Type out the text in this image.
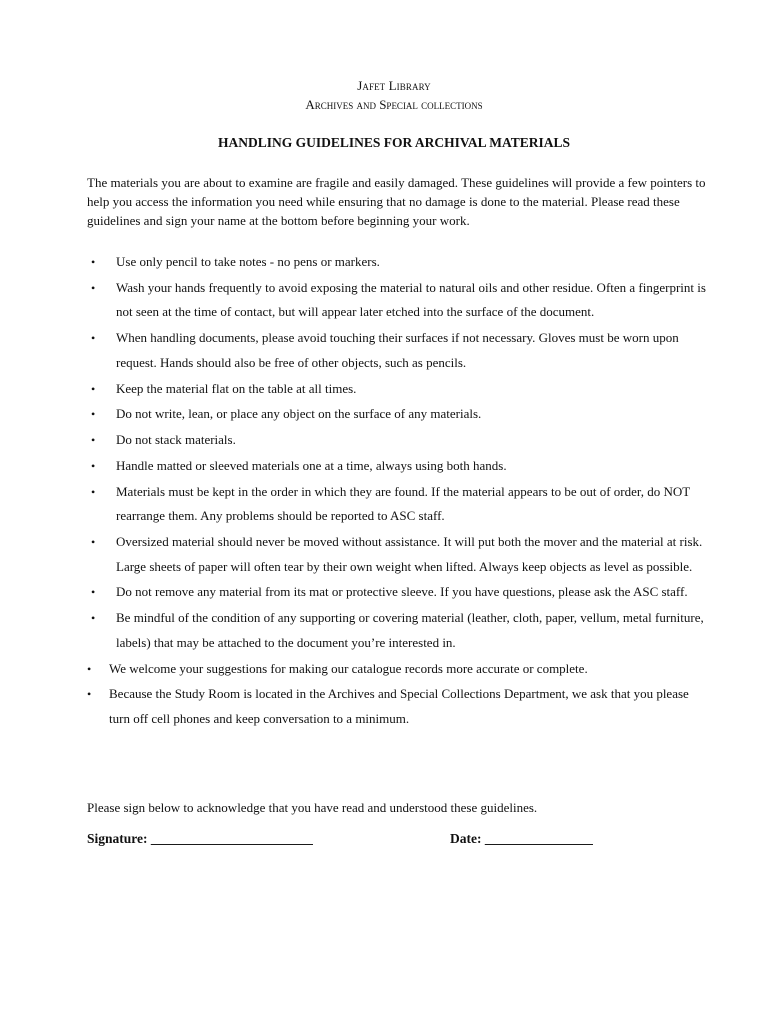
Jafet Library
Archives and Special collections
HANDLING GUIDELINES FOR ARCHIVAL MATERIALS

The materials you are about to examine are fragile and easily damaged. These guidelines will provide a few pointers to help you access the information you need while ensuring that no damage is done to the material. Please read these guidelines and sign your name at the bottom before beginning your work.

• Use only pencil to take notes - no pens or markers.
• Wash your hands frequently to avoid exposing the material to natural oils and other residue. Often a fingerprint is not seen at the time of contact, but will appear later etched into the surface of the document.
• When handling documents, please avoid touching their surfaces if not necessary. Gloves must be worn upon request. Hands should also be free of other objects, such as pencils.
• Keep the material flat on the table at all times.
• Do not write, lean, or place any object on the surface of any materials.
• Do not stack materials.
• Handle matted or sleeved materials one at a time, always using both hands.
• Materials must be kept in the order in which they are found. If the material appears to be out of order, do NOT rearrange them. Any problems should be reported to ASC staff.
• Oversized material should never be moved without assistance. It will put both the mover and the material at risk. Large sheets of paper will often tear by their own weight when lifted. Always keep objects as level as possible.
• Do not remove any material from its mat or protective sleeve. If you have questions, please ask the ASC staff.
• Be mindful of the condition of any supporting or covering material (leather, cloth, paper, vellum, metal furniture, labels) that may be attached to the document you’re interested in.
• We welcome your suggestions for making our catalogue records more accurate or complete.
• Because the Study Room is located in the Archives and Special Collections Department, we ask that you please turn off cell phones and keep conversation to a minimum.

Please sign below to acknowledge that you have read and understood these guidelines.

Signature: ________________________	Date: ________________
